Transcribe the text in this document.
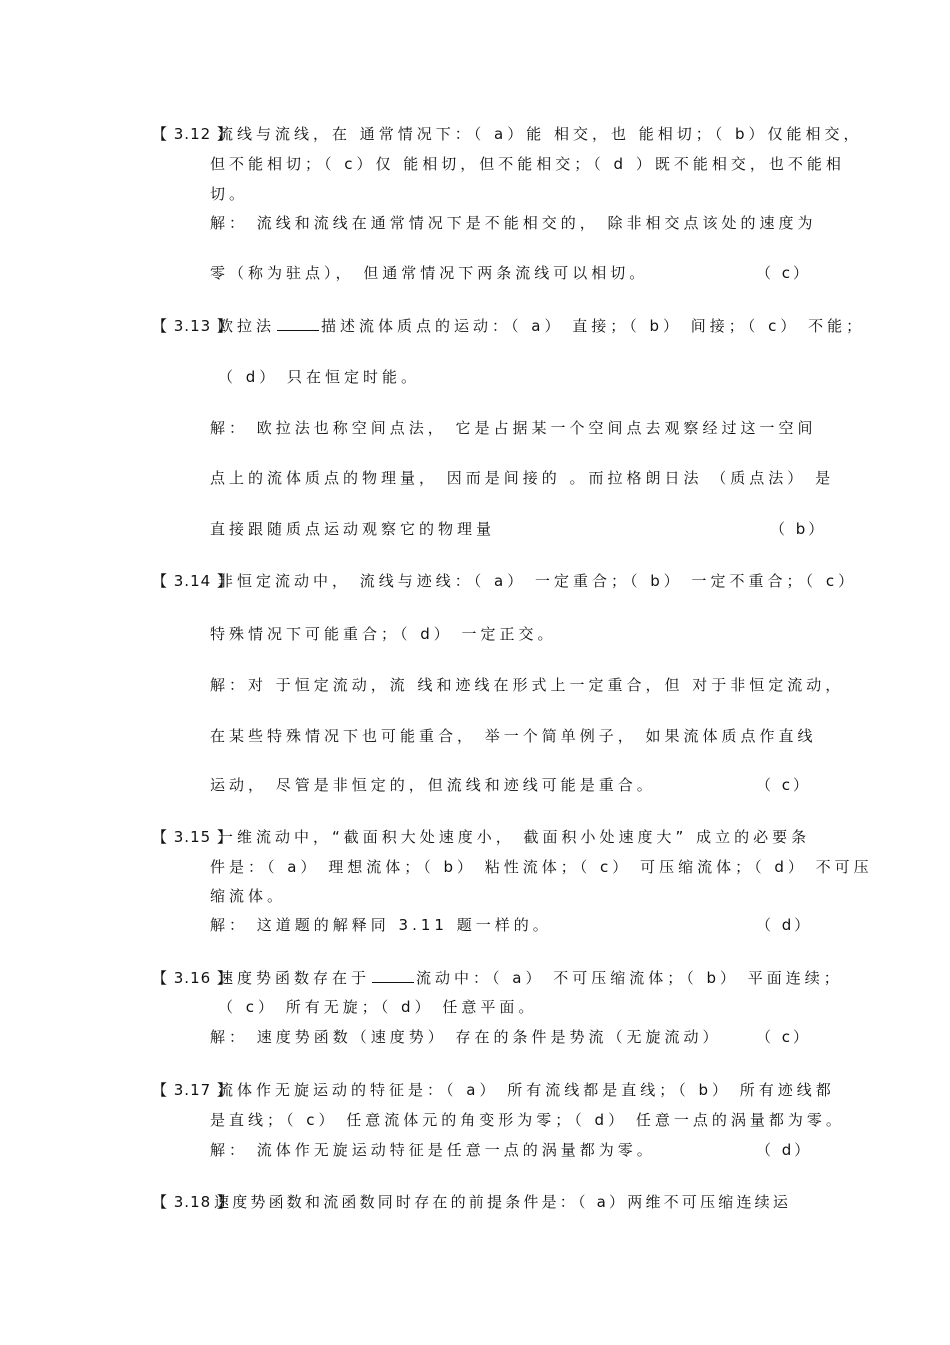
【 3.12 】
流线与流线，在 通常情况下：（ a）能 相交，也 能相切；（ b）仅能相交，
但不能相切；（ c）仅 能相切，但不能相交；（ d ）既不能相交，也不能相
切。
解： 流线和流线在通常情况下是不能相交的， 除非相交点该处的速度为
零（称为驻点）， 但通常情况下两条流线可以相切。	（ c）
【 3.13 】
欧拉法	描述流体质点的运动：（ a） 直接；（ b） 间接；（ c） 不能；
（ d） 只在恒定时能。
解： 欧拉法也称空间点法， 它是占据某一个空间点去观察经过这一空间
点上的流体质点的物理量， 因而是间接的 。而拉格朗日法 （质点法） 是
直接跟随质点运动观察它的物理量	（ b）
【 3.14 】
非恒定流动中， 流线与迹线：（ a） 一定重合；（ b） 一定不重合；（ c）
特殊情况下可能重合；（ d） 一定正交。
解：对 于恒定流动，流 线和迹线在形式上一定重合，但 对于非恒定流动，
在某些特殊情况下也可能重合， 举一个简单例子， 如果流体质点作直线
运动， 尽管是非恒定的，但流线和迹线可能是重合。	（ c）
【 3.15 】
一维流动中，“截面积大处速度小， 截面积小处速度大” 成立的必要条
件是：（ a） 理想流体；（ b） 粘性流体；（ c） 可压缩流体；（ d） 不可压
缩流体。
解： 这道题的解释同 3.11 题一样的。	（ d）
【 3.16 】
速度势函数存在于	流动中：（ a） 不可压缩流体；（ b） 平面连续；
（ c） 所有无旋；（ d） 任意平面。
解： 速度势函数（速度势） 存在的条件是势流（无旋流动） （ c）
【 3.17 】
流体作无旋运动的特征是：（ a） 所有流线都是直线；（ b） 所有迹线都
是直线；（ c） 任意流体元的角变形为零；（ d） 任意一点的涡量都为零。
解： 流体作无旋运动特征是任意一点的涡量都为零。	（ d）
【 3.18 】
速度势函数和流函数同时存在的前提条件是：（ a）两维不可压缩连续运
